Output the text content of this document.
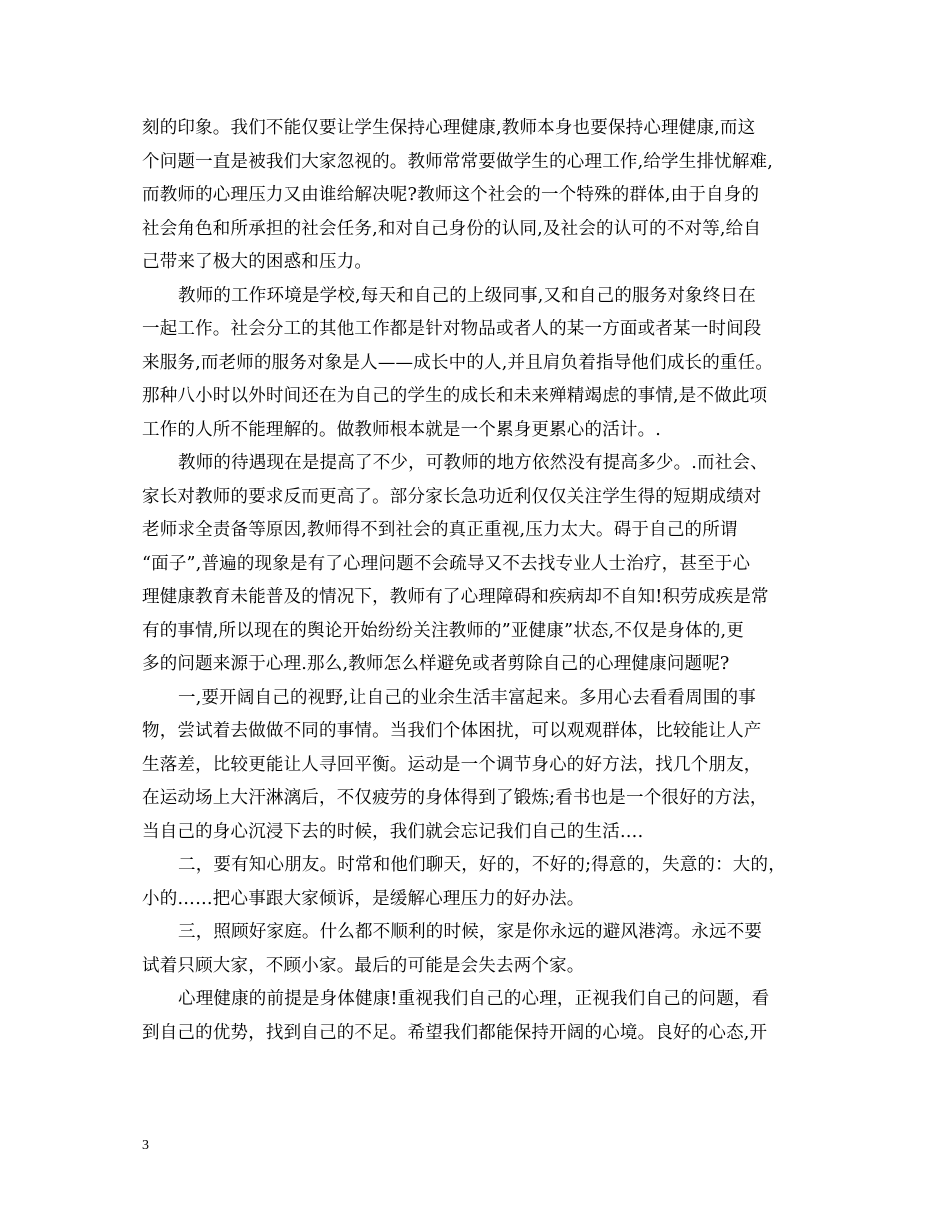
刻的印象。我们不能仅要让学生保持心理健康,教师本身也要保持心理健康,而这
个问题一直是被我们大家忽视的。教师常常要做学生的心理工作,给学生排忧解难,
而教师的心理压力又由谁给解决呢?教师这个社会的一个特殊的群体,由于自身的
社会角色和所承担的社会任务,和对自己身份的认同,及社会的认可的不对等,给自
己带来了极大的困惑和压力。
教师的工作环境是学校,每天和自己的上级同事,又和自己的服务对象终日在
一起工作。社会分工的其他工作都是针对物品或者人的某一方面或者某一时间段
来服务,而老师的服务对象是人——成长中的人,并且肩负着指导他们成长的重任。
那种八小时以外时间还在为自己的学生的成长和未来殚精竭虑的事情,是不做此项
工作的人所不能理解的。做教师根本就是一个累身更累心的活计。.
教师的待遇现在是提高了不少，可教师的地方依然没有提高多少。.而社会、
家长对教师的要求反而更高了。部分家长急功近利仅仅关注学生得的短期成绩对
老师求全责备等原因,教师得不到社会的真正重视,压力太大。碍于自己的所谓
“面子”,普遍的现象是有了心理问题不会疏导又不去找专业人士治疗，甚至于心
理健康教育未能普及的情况下，教师有了心理障碍和疾病却不自知!积劳成疾是常
有的事情,所以现在的舆论开始纷纷关注教师的”亚健康”状态,不仅是身体的,更
多的问题来源于心理.那么,教师怎么样避免或者剪除自己的心理健康问题呢?
一,要开阔自己的视野,让自己的业余生活丰富起来。多用心去看看周围的事
物，尝试着去做做不同的事情。当我们个体困扰，可以观观群体，比较能让人产
生落差，比较更能让人寻回平衡。运动是一个调节身心的好方法，找几个朋友，
在运动场上大汗淋漓后，不仅疲劳的身体得到了锻炼;看书也是一个很好的方法，
当自己的身心沉浸下去的时候，我们就会忘记我们自己的生活….
二，要有知心朋友。时常和他们聊天，好的，不好的;得意的，失意的：大的，
小的……把心事跟大家倾诉，是缓解心理压力的好办法。
三，照顾好家庭。什么都不顺利的时候，家是你永远的避风港湾。永远不要
试着只顾大家，不顾小家。最后的可能是会失去两个家。
心理健康的前提是身体健康!重视我们自己的心理，正视我们自己的问题，看
到自己的优势，找到自己的不足。希望我们都能保持开阔的心境。良好的心态,开
3
